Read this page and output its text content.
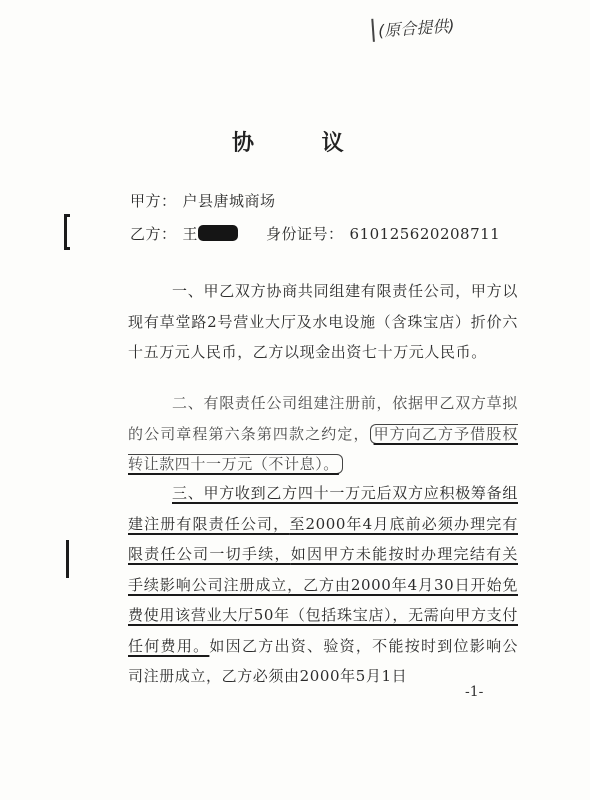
(原合提供)
协 议
甲方： 户县唐城商场
乙方： 王	身份证号： 610125620208711
一、甲乙双方协商共同组建有限责任公司，甲方以现有草堂路2号营业大厅及水电设施（含珠宝店）折价六十五万元人民币，乙方以现金出资七十万元人民币。
二、有限责任公司组建注册前，依据甲乙双方草拟的公司章程第六条第四款之约定， 甲方向乙方予借股权转让款四十一万元（不计息）。
三、甲方收到乙方四十一万元后双方应积极筹备组建注册有限责任公司，至2000年4月底前必须办理完有限责任公司一切手续，如因甲方未能按时办理完结有关手续影响公司注册成立，乙方由2000年4月30日开始免费使用该营业大厅50年（包括珠宝店），无需向甲方支付任何费用。如因乙方出资、验资，不能按时到位影响公司注册成立，乙方必须由2000年5月1日
-1-
